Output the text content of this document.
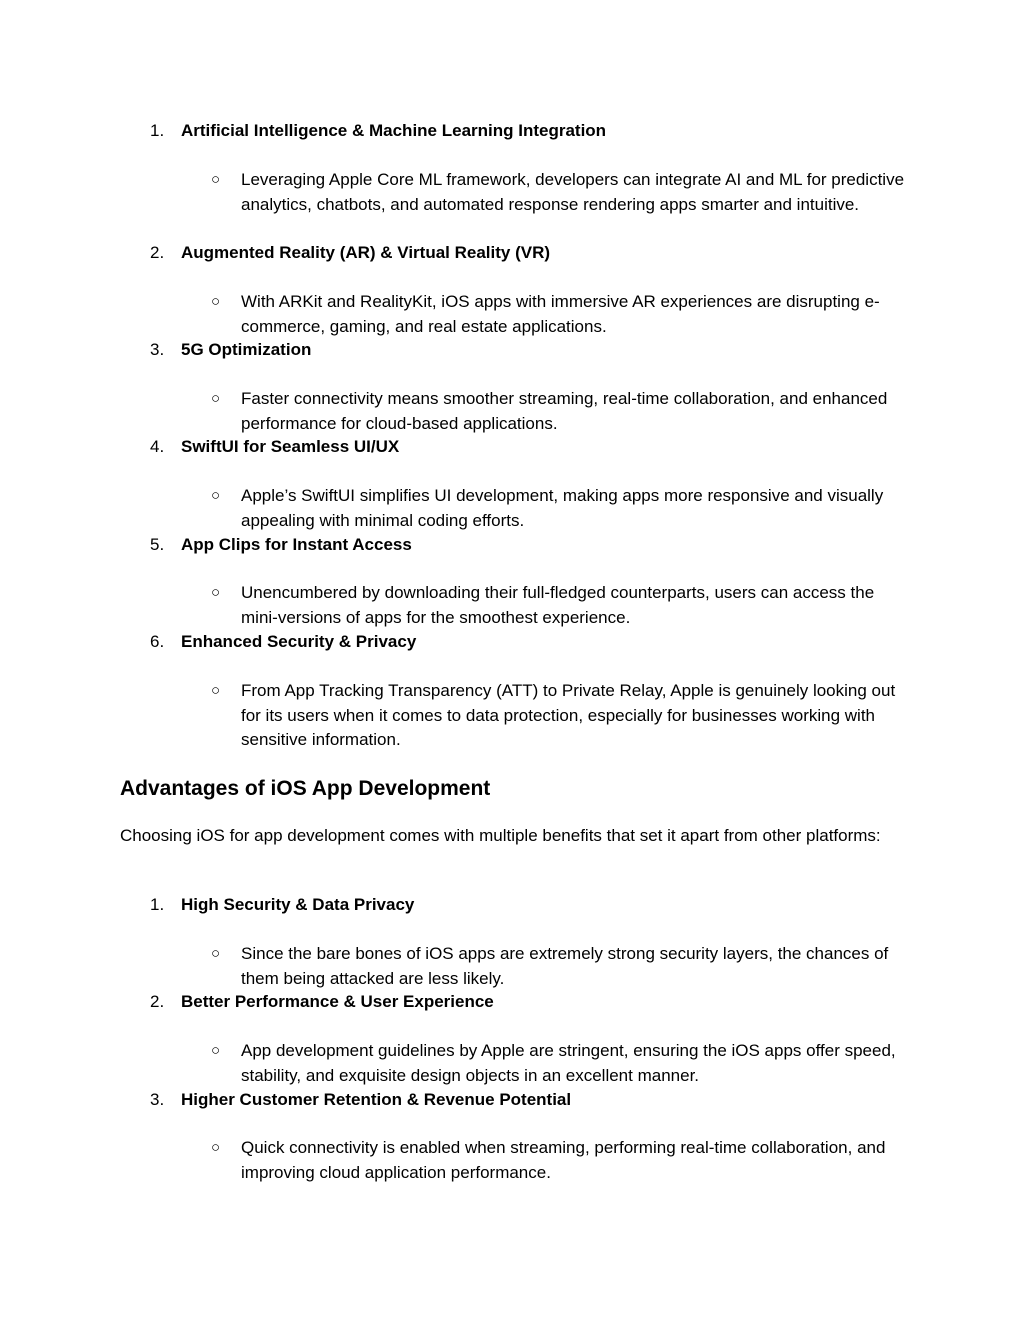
1. Artificial Intelligence & Machine Learning Integration
○ Leveraging Apple Core ML framework, developers can integrate AI and ML for predictive analytics, chatbots, and automated response rendering apps smarter and intuitive.
2. Augmented Reality (AR) & Virtual Reality (VR)
○ With ARKit and RealityKit, iOS apps with immersive AR experiences are disrupting e-commerce, gaming, and real estate applications.
3. 5G Optimization
○ Faster connectivity means smoother streaming, real-time collaboration, and enhanced performance for cloud-based applications.
4. SwiftUI for Seamless UI/UX
○ Apple’s SwiftUI simplifies UI development, making apps more responsive and visually appealing with minimal coding efforts.
5. App Clips for Instant Access
○ Unencumbered by downloading their full-fledged counterparts, users can access the mini-versions of apps for the smoothest experience.
6. Enhanced Security & Privacy
○ From App Tracking Transparency (ATT) to Private Relay, Apple is genuinely looking out for its users when it comes to data protection, especially for businesses working with sensitive information.
Advantages of iOS App Development
Choosing iOS for app development comes with multiple benefits that set it apart from other platforms:
1. High Security & Data Privacy
○ Since the bare bones of iOS apps are extremely strong security layers, the chances of them being attacked are less likely.
2. Better Performance & User Experience
○ App development guidelines by Apple are stringent, ensuring the iOS apps offer speed, stability, and exquisite design objects in an excellent manner.
3. Higher Customer Retention & Revenue Potential
○ Quick connectivity is enabled when streaming, performing real-time collaboration, and improving cloud application performance.
